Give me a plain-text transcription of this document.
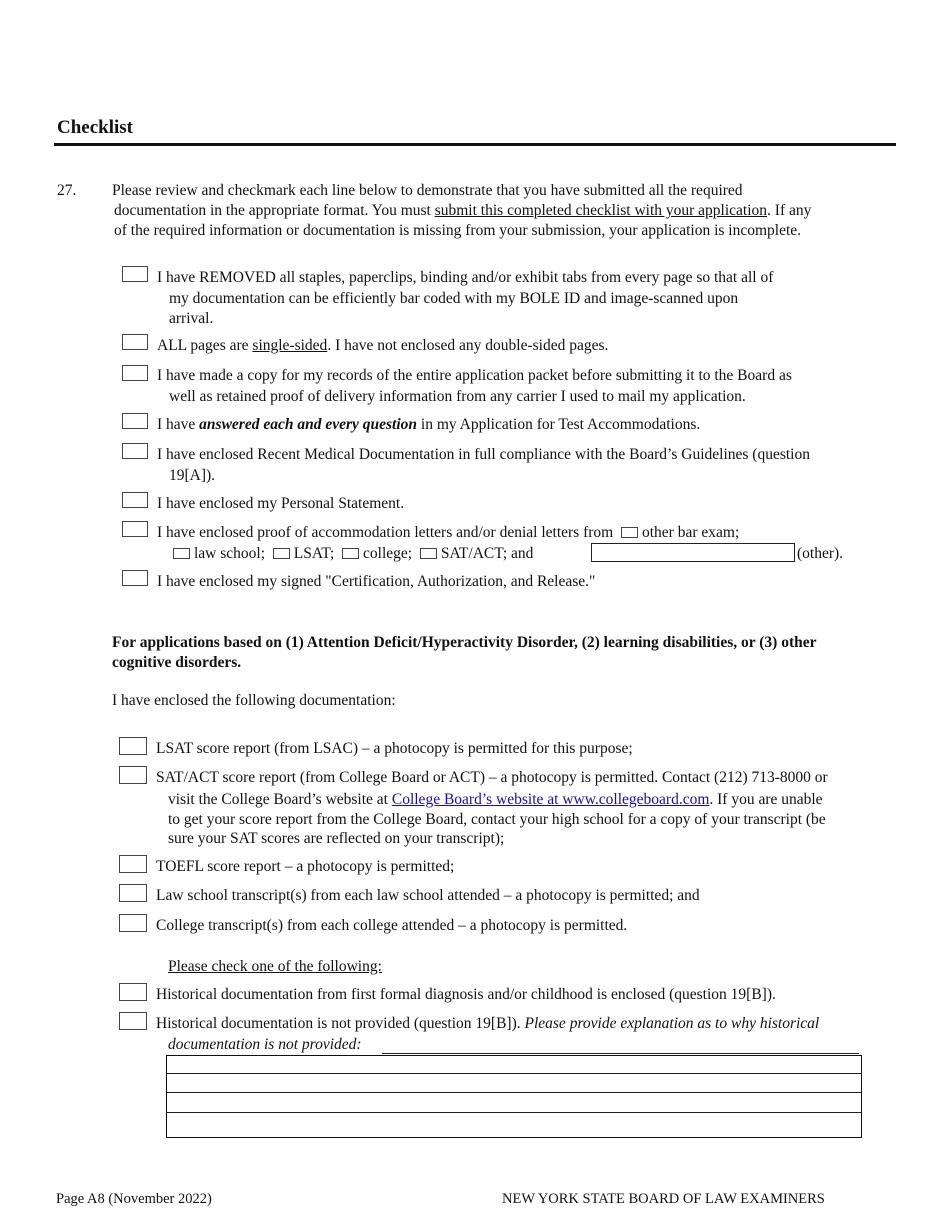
Checklist
27. Please review and checkmark each line below to demonstrate that you have submitted all the required
documentation in the appropriate format. You must submit this completed checklist with your application. If any
of the required information or documentation is missing from your submission, your application is incomplete.
I have REMOVED all staples, paperclips, binding and/or exhibit tabs from every page so that all of
my documentation can be efficiently bar coded with my BOLE ID and image-scanned upon
arrival.
ALL pages are single-sided. I have not enclosed any double-sided pages.
I have made a copy for my records of the entire application packet before submitting it to the Board as
well as retained proof of delivery information from any carrier I used to mail my application.
I have answered each and every question in my Application for Test Accommodations.
I have enclosed Recent Medical Documentation in full compliance with the Board’s Guidelines (question
19[A]).
I have enclosed my Personal Statement.
I have enclosed proof of accommodation letters and/or denial letters from other bar exam;
law school; LSAT; college; SAT/ACT; and	(other).
I have enclosed my signed "Certification, Authorization, and Release."
For applications based on (1) Attention Deficit/Hyperactivity Disorder, (2) learning disabilities, or (3) other
cognitive disorders.
I have enclosed the following documentation:
LSAT score report (from LSAC) – a photocopy is permitted for this purpose;
SAT/ACT score report (from College Board or ACT) – a photocopy is permitted. Contact (212) 713-8000 or
visit the College Board’s website at College Board’s website at www.collegeboard.com. If you are unable
to get your score report from the College Board, contact your high school for a copy of your transcript (be
sure your SAT scores are reflected on your transcript);
TOEFL score report – a photocopy is permitted;
Law school transcript(s) from each law school attended – a photocopy is permitted; and
College transcript(s) from each college attended – a photocopy is permitted.
Please check one of the following:
Historical documentation from first formal diagnosis and/or childhood is enclosed (question 19[B]).
Historical documentation is not provided (question 19[B]). Please provide explanation as to why historical
documentation is not provided:
Page A8 (November 2022)	NEW YORK STATE BOARD OF LAW EXAMINERS
